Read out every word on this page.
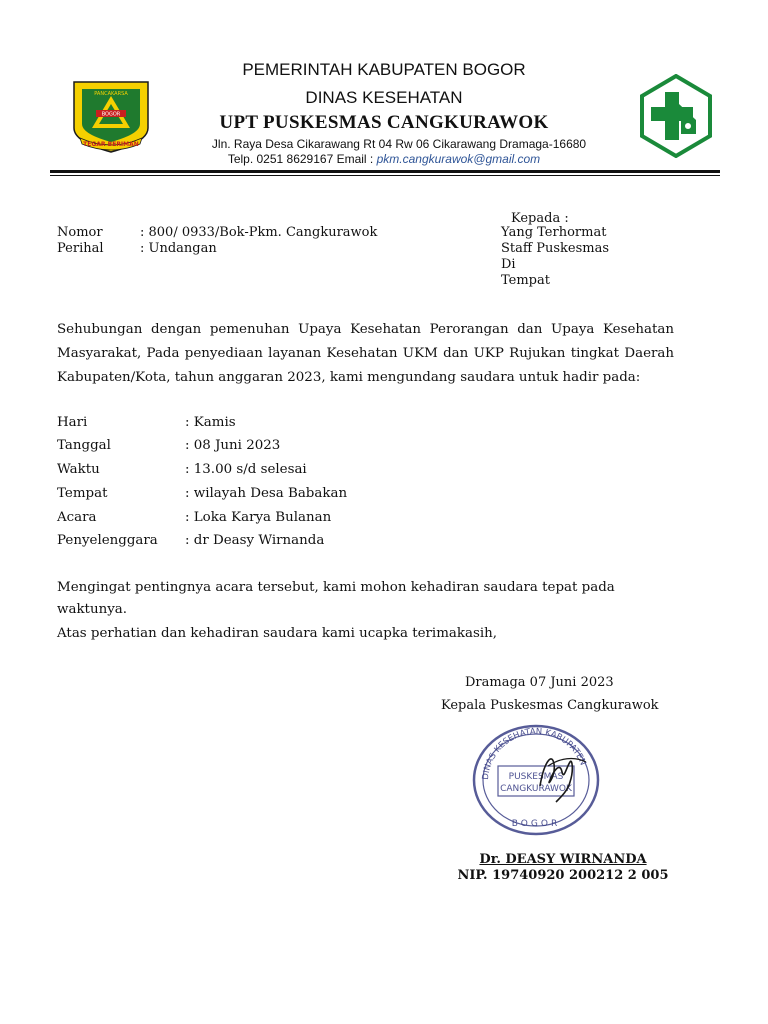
BOGOR
PANCAKARSA
TEGAR BERIMAN
PEMERINTAH KABUPATEN BOGOR
DINAS KESEHATAN
UPT PUSKESMAS CANGKURAWOK
Jln. Raya Desa Cikarawang Rt 04 Rw 06 Cikarawang Dramaga-16680
Telp. 0251 8629167 Email : pkm.cangkurawok@gmail.com
Nomor	: 800/ 0933/Bok-Pkm. Cangkurawok
Perihal	: Undangan
Kepada :
Yang Terhormat
Staff Puskesmas
Di
Tempat
Sehubungan dengan pemenuhan Upaya Kesehatan Perorangan dan Upaya Kesehatan Masyarakat, Pada penyediaan layanan Kesehatan UKM dan UKP Rujukan tingkat Daerah Kabupaten/Kota, tahun anggaran 2023, kami mengundang saudara untuk hadir pada:
Hari	: Kamis
Tanggal	: 08 Juni 2023
Waktu	: 13.00 s/d selesai
Tempat	: wilayah Desa Babakan
Acara	: Loka Karya Bulanan
Penyelenggara : dr Deasy Wirnanda
Mengingat pentingnya acara tersebut, kami mohon kehadiran saudara tepat pada waktunya.
Atas perhatian dan kehadiran saudara kami ucapka terimakasih,
Dramaga 07 Juni 2023
Kepala Puskesmas Cangkurawok
DINAS KESEHATAN KABUPATEN
PUSKESMAS
CANGKURAWOK
BOGOR
Dr. DEASY WIRNANDA
NIP. 19740920 200212 2 005
